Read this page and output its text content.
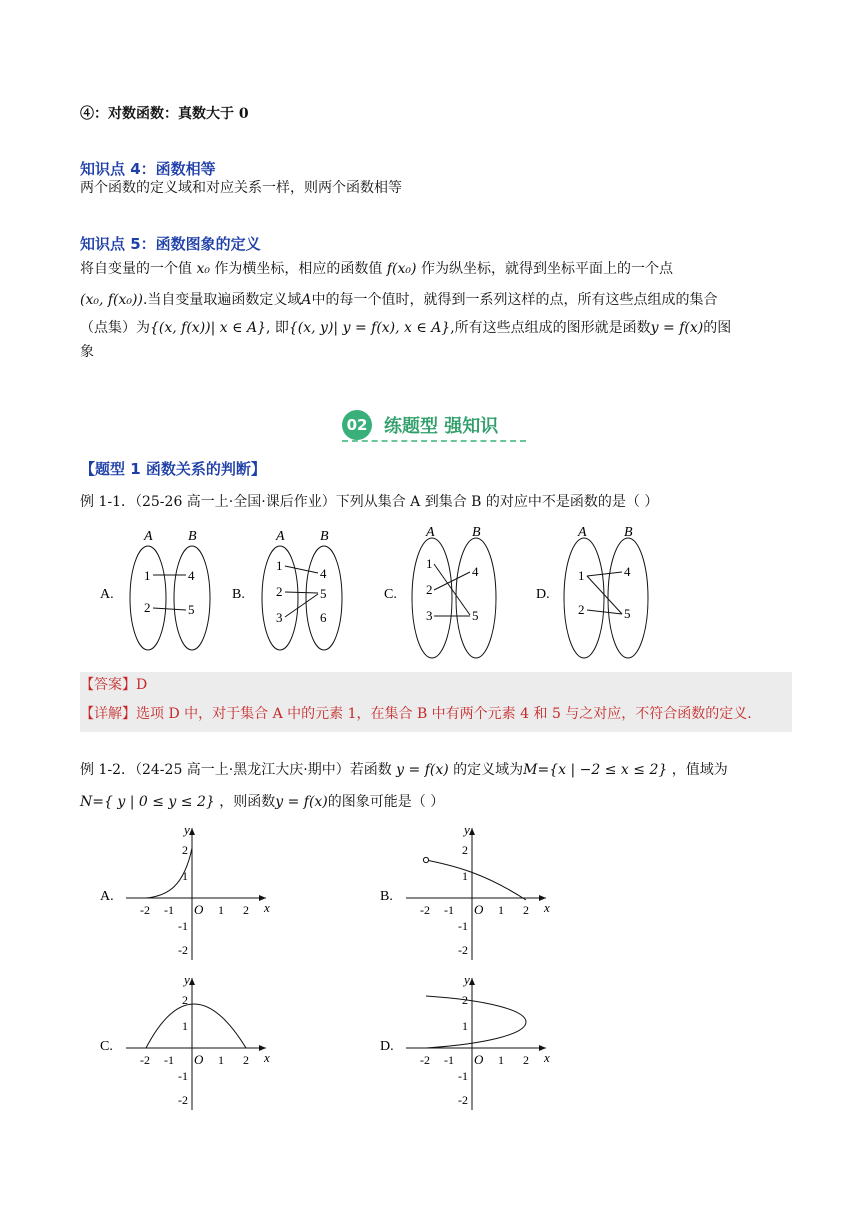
④：对数函数：真数大于 0
知识点 4：函数相等
两个函数的定义域和对应关系一样，则两个函数相等
知识点 5：函数图象的定义
将自变量的一个值 x₀ 作为横坐标，相应的函数值 f(x₀) 作为纵坐标，就得到坐标平面上的一个点
(x₀, f(x₀)).当自变量取遍函数定义域A中的每一个值时，就得到一系列这样的点，所有这些点组成的集合
（点集）为{(x, f(x))| x ∈ A}, 即{(x, y)| y = f(x), x ∈ A},所有这些点组成的图形就是函数y = f(x)的图
象
02 练题型 强知识
【题型 1 函数关系的判断】
例 1-1．（25-26 高一上·全国·课后作业）下列从集合 A 到集合 B 的对应中不是函数的是（ ）
A.
A	B
1
2
4
5
B.
A	B
1
2
3
4
5
6
C.
A	B
1
2
3
4
5
D.
A	B
1
2
4
5
【答案】D
【详解】选项 D 中，对于集合 A 中的元素 1，在集合 B 中有两个元素 4 和 5 与之对应，不符合函数的定义.
例 1-2．（24-25 高一上·黑龙江大庆·期中）若函数 y = f(x) 的定义域为M={x | −2 ≤ x ≤ 2} ，值域为
N={ y | 0 ≤ y ≤ 2} ，则函数y = f(x)的图象可能是（ ）
A.
x
y
O
-2 -1	1 2
2
1
-1
-2
B.
x
y
O
-2 -1	1 2
2
1
-1
-2
C.
x
y
O
-2 -1	1 2
2
1
-1
-2
D.
x
y
O
-2 -1	1 2
2
1
-1
-2
